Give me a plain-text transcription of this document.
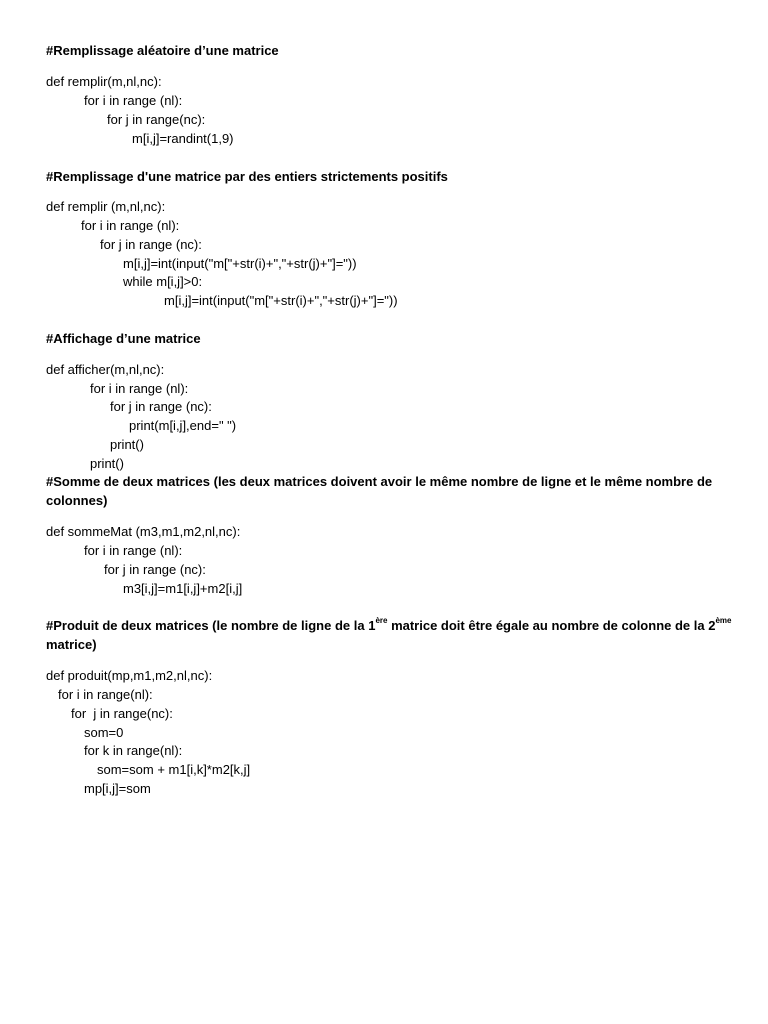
#Remplissage aléatoire d’une matrice
def remplir(m,nl,nc):
for i in range (nl):
for j in range(nc):
m[i,j]=randint(1,9)
#Remplissage d'une matrice par des entiers strictements positifs
def remplir (m,nl,nc):
for i in range (nl):
for j in range (nc):
m[i,j]=int(input("m["+str(i)+","+str(j)+"]="))
while m[i,j]>0:
m[i,j]=int(input("m["+str(i)+","+str(j)+"]="))
#Affichage d’une matrice
def afficher(m,nl,nc):
for i in range (nl):
for j in range (nc):
print(m[i,j],end=" ")
print()
print()
#Somme de deux matrices (les deux matrices doivent avoir le même nombre de ligne et le même nombre de
colonnes)
def sommeMat (m3,m1,m2,nl,nc):
for i in range (nl):
for j in range (nc):
m3[i,j]=m1[i,j]+m2[i,j]
#Produit de deux matrices (le nombre de ligne de la 1ère matrice doit être égale au nombre de colonne de la 2ème
matrice)
def produit(mp,m1,m2,nl,nc):
for i in range(nl):
for  j in range(nc):
som=0
for k in range(nl):
som=som + m1[i,k]*m2[k,j]
mp[i,j]=som
